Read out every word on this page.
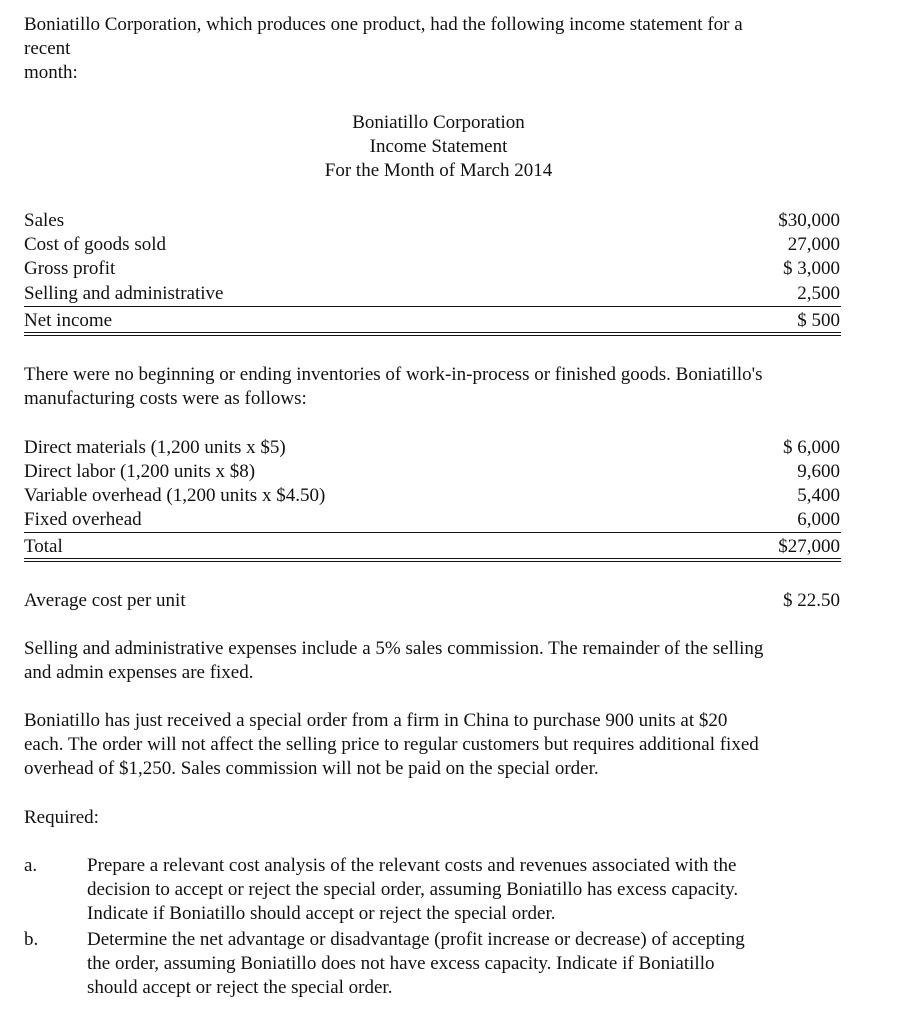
Boniatillo Corporation, which produces one product, had the following income statement for a
recent
month:
Boniatillo Corporation
Income Statement
For the Month of March 2014
Sales	$30,000
Cost of goods sold	27,000
Gross profit	$ 3,000
Selling and administrative	2,500
Net income	$ 500
There were no beginning or ending inventories of work-in-process or finished goods. Boniatillo's
manufacturing costs were as follows:
Direct materials (1,200 units x $5)	$ 6,000
Direct labor (1,200 units x $8)	9,600
Variable overhead (1,200 units x $4.50)	5,400
Fixed overhead	6,000
Total	$27,000
Average cost per unit	$ 22.50
Selling and administrative expenses include a 5% sales commission. The remainder of the selling
and admin expenses are fixed.
Boniatillo has just received a special order from a firm in China to purchase 900 units at $20
each. The order will not affect the selling price to regular customers but requires additional fixed
overhead of $1,250. Sales commission will not be paid on the special order.
Required:
a.	Prepare a relevant cost analysis of the relevant costs and revenues associated with the
decision to accept or reject the special order, assuming Boniatillo has excess capacity.
Indicate if Boniatillo should accept or reject the special order.
b.	Determine the net advantage or disadvantage (profit increase or decrease) of accepting
the order, assuming Boniatillo does not have excess capacity. Indicate if Boniatillo
should accept or reject the special order.
